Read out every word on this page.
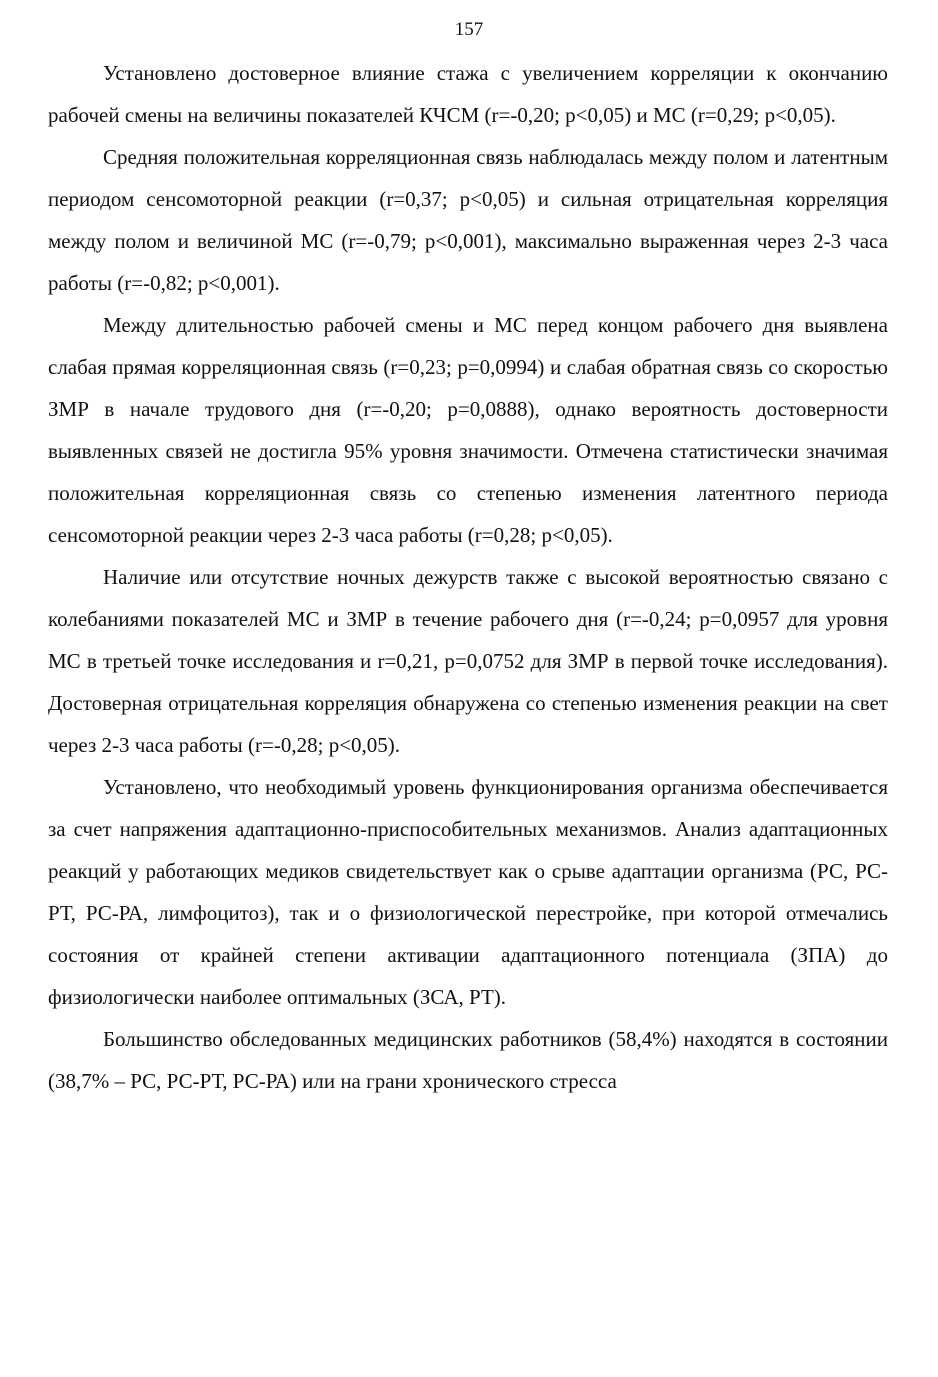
157

Установлено достоверное влияние стажа с увеличением корреляции к окончанию рабочей смены на величины показателей КЧСМ (r=-0,20; p<0,05) и МС (r=0,29; p<0,05).

Средняя положительная корреляционная связь наблюдалась между полом и латентным периодом сенсомоторной реакции (r=0,37; p<0,05) и сильная отрицательная корреляция между полом и величиной МС (r=-0,79; p<0,001), максимально выраженная через 2-3 часа работы (r=-0,82; p<0,001).

Между длительностью рабочей смены и МС перед концом рабочего дня выявлена слабая прямая корреляционная связь (r=0,23; p=0,0994) и слабая обратная связь со скоростью ЗМР в начале трудового дня (r=-0,20; p=0,0888), однако вероятность достоверности выявленных связей не достигла 95% уровня значимости. Отмечена статистически значимая положительная корреляционная связь со степенью изменения латентного периода сенсомоторной реакции через 2-3 часа работы (r=0,28; p<0,05).

Наличие или отсутствие ночных дежурств также с высокой вероятностью связано с колебаниями показателей МС и ЗМР в течение рабочего дня (r=-0,24; p=0,0957 для уровня МС в третьей точке исследования и r=0,21, p=0,0752 для ЗМР в первой точке исследования). Достоверная отрицательная корреляция обнаружена со степенью изменения реакции на свет через 2-3 часа работы (r=-0,28; p<0,05).

Установлено, что необходимый уровень функционирования организма обеспечивается за счет напряжения адаптационно-приспособительных механизмов. Анализ адаптационных реакций у работающих медиков свидетельствует как о срыве адаптации организма (РС, РС-РТ, РС-РА, лимфоцитоз), так и о физиологической перестройке, при которой отмечались состояния от крайней степени активации адаптационного потенциала (ЗПА) до физиологически наиболее оптимальных (ЗСА, РТ).

Большинство обследованных медицинских работников (58,4%) находятся в состоянии (38,7% – РС, РС-РТ, РС-РА) или на грани хронического стресса
